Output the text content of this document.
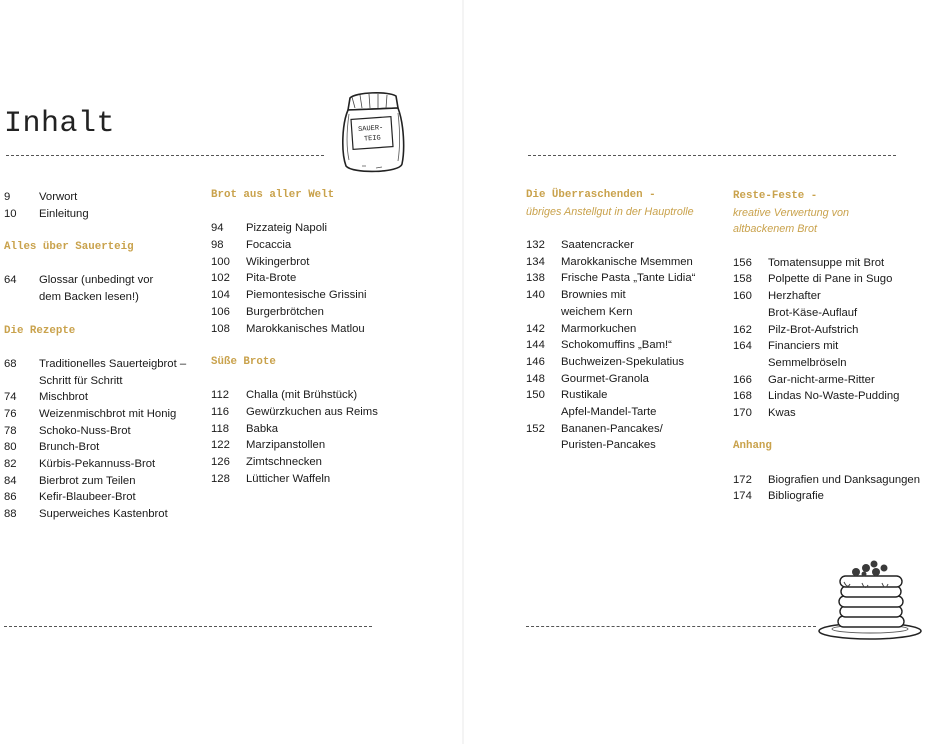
Inhalt	SAUER-
TEIG
9	Vorwort
10 Einleitung
Alles über Sauerteig
64 Glossar (unbedingt vor
dem Backen lesen!)
Die Rezepte
68 Traditionelles Sauerteigbrot –
Schritt für Schritt
74 Mischbrot
76 Weizenmischbrot mit Honig
78 Schoko-Nuss-Brot
80 Brunch-Brot
82 Kürbis-Pekannuss-Brot
84 Bierbrot zum Teilen
86 Kefir-Blaubeer-Brot
88 Superweiches Kastenbrot
Brot aus aller Welt
94 Pizzateig Napoli
98 Focaccia
100 Wikingerbrot
102 Pita-Brote
104 Piemontesische Grissini
106 Burgerbrötchen
108 Marokkanisches Matlou
Süße Brote
112 Challa (mit Brühstück)
116 Gewürzkuchen aus Reims
118 Babka
122 Marzipanstollen
126 Zimtschnecken
128 Lütticher Waffeln
Die Überraschenden -
übriges Anstellgut in der Hauptrolle
132 Saatencracker
134 Marokkanische Msemmen
138 Frische Pasta „Tante Lidia“
140 Brownies mit
weichem Kern
142 Marmorkuchen
144 Schokomuffins „Bam!“
146 Buchweizen-Spekulatius
148 Gourmet-Granola
150 Rustikale
Apfel-Mandel-Tarte
152 Bananen-Pancakes/
Puristen-Pancakes
Reste-Feste -
kreative Verwertung von
altbackenem Brot
156 Tomatensuppe mit Brot
158 Polpette di Pane in Sugo
160 Herzhafter
Brot-Käse-Auflauf
162 Pilz-Brot-Aufstrich
164 Financiers mit
Semmelbröseln
166 Gar-nicht-arme-Ritter
168 Lindas No-Waste-Pudding
170 Kwas
Anhang
172 Biografien und Danksagungen
174 Bibliografie
